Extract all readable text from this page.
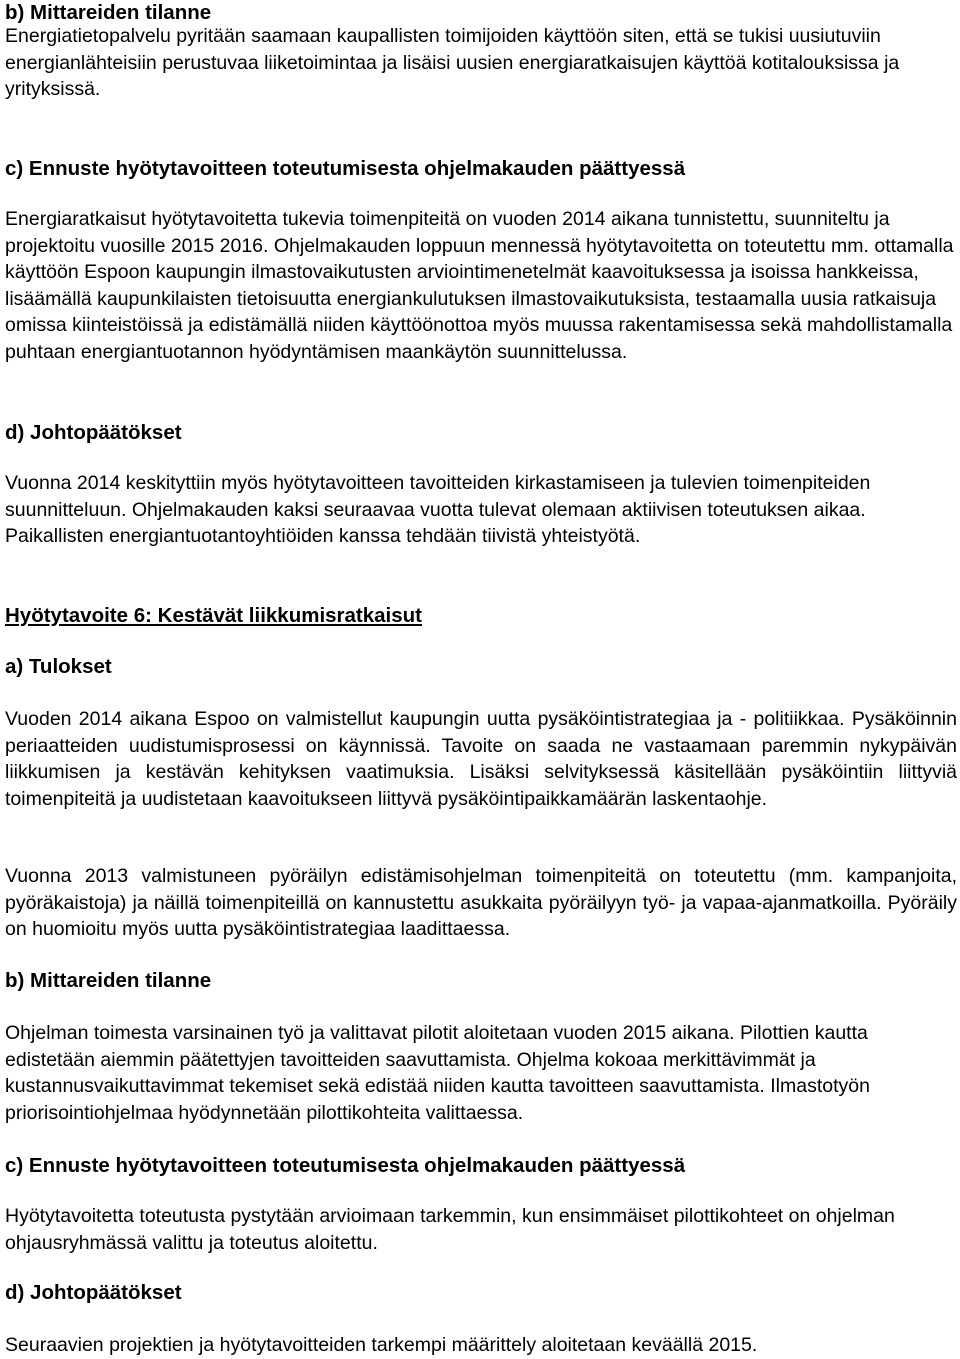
b) Mittareiden tilanne

Energiatietopalvelu pyritään saamaan kaupallisten toimijoiden käyttöön siten, että se tukisi uusiutuviin energianlähteisiin perustuvaa liiketoimintaa ja lisäisi uusien energiaratkaisujen käyttöä kotitalouksissa ja yrityksissä.

c) Ennuste hyötytavoitteen toteutumisesta ohjelmakauden päättyessä

Energiaratkaisut hyötytavoitetta tukevia toimenpiteitä on vuoden 2014 aikana tunnistettu, suunniteltu ja projektoitu vuosille 2015 2016. Ohjelmakauden loppuun mennessä hyötytavoitetta on toteutettu mm. ottamalla käyttöön Espoon kaupungin ilmastovaikutusten arviointimenetelmät kaavoituksessa ja isoissa hankkeissa, lisäämällä kaupunkilaisten tietoisuutta energiankulutuksen ilmastovaikutuksista, testaamalla uusia ratkaisuja omissa kiinteistöissä ja edistämällä niiden käyttöönottoa myös muussa rakentamisessa sekä mahdollistamalla puhtaan energiantuotannon hyödyntämisen maankäytön suunnittelussa.

d) Johtopäätökset

Vuonna 2014 keskityttiin myös hyötytavoitteen tavoitteiden kirkastamiseen ja tulevien toimenpiteiden suunnitteluun. Ohjelmakauden kaksi seuraavaa vuotta tulevat olemaan aktiivisen toteutuksen aikaa. Paikallisten energiantuotantoyhtiöiden kanssa tehdään tiivistä yhteistyötä.

Hyötytavoite 6: Kestävät liikkumisratkaisut
a) Tulokset

Vuoden 2014 aikana Espoo on valmistellut kaupungin uutta pysäköintistrategiaa ja - politiikkaa. Pysäköinnin periaatteiden uudistumisprosessi on käynnissä. Tavoite on saada ne vastaamaan paremmin nykypäivän liikkumisen ja kestävän kehityksen vaatimuksia. Lisäksi selvityksessä käsitellään pysäköintiin liittyviä toimenpiteitä ja uudistetaan kaavoitukseen liittyvä pysäköintipaikkamäärän laskentaohje.

Vuonna 2013 valmistuneen pyöräilyn edistämisohjelman toimenpiteitä on toteutettu (mm. kampanjoita, pyöräkaistoja) ja näillä toimenpiteillä on kannustettu asukkaita pyöräilyyn työ- ja vapaa-ajanmatkoilla. Pyöräily on huomioitu myös uutta pysäköintistrategiaa laadittaessa.

b) Mittareiden tilanne

Ohjelman toimesta varsinainen työ ja valittavat pilotit aloitetaan vuoden 2015 aikana. Pilottien kautta edistetään aiemmin päätettyjen tavoitteiden saavuttamista. Ohjelma kokoaa merkittävimmät ja kustannusvaikuttavimmat tekemiset sekä edistää niiden kautta tavoitteen saavuttamista. Ilmastotyön priorisointiohjelmaa hyödynnetään pilottikohteita valittaessa.

c) Ennuste hyötytavoitteen toteutumisesta ohjelmakauden päättyessä

Hyötytavoitetta toteutusta pystytään arvioimaan tarkemmin, kun ensimmäiset pilottikohteet on ohjelman ohjausryhmässä valittu ja toteutus aloitettu.

d) Johtopäätökset

Seuraavien projektien ja hyötytavoitteiden tarkempi määrittely aloitetaan keväällä 2015.
